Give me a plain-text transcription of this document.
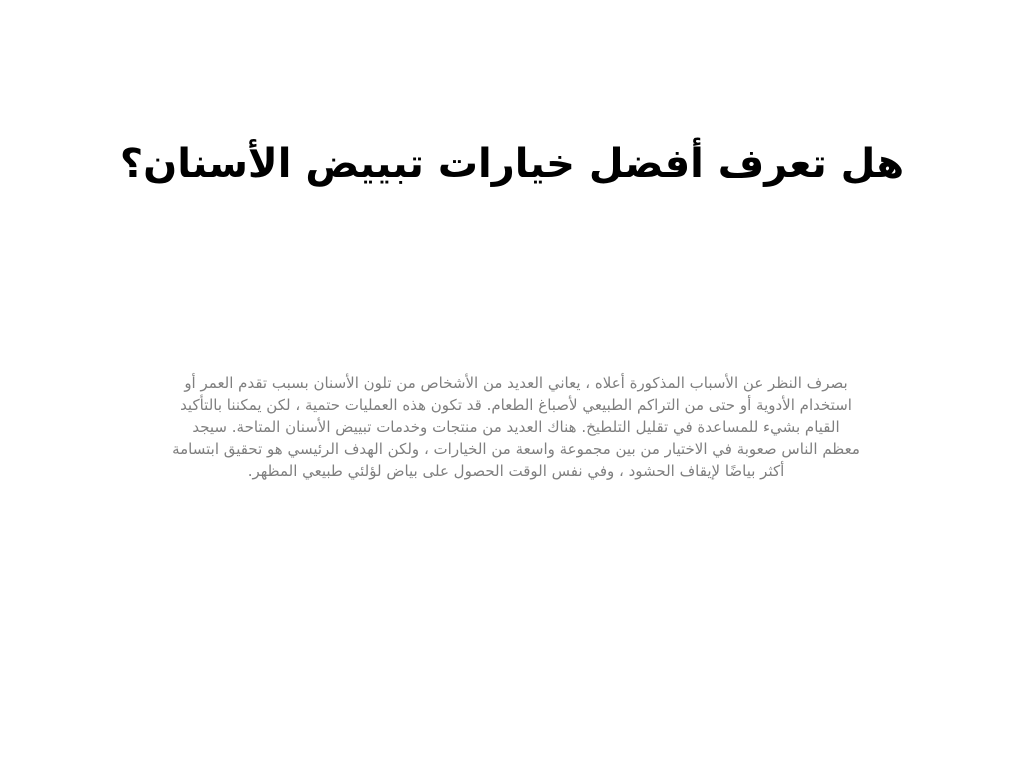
هل تعرف أفضل خيارات تبييض الأسنان؟

بصرف النظر عن الأسباب المذكورة أعلاه ، يعاني العديد من الأشخاص من تلون الأسنان بسبب تقدم العمر أو استخدام الأدوية أو حتى من التراكم الطبيعي لأصباغ الطعام. قد تكون هذه العمليات حتمية ، لكن يمكننا بالتأكيد القيام بشيء للمساعدة في تقليل التلطيخ. هناك العديد من منتجات وخدمات تبييض الأسنان المتاحة. سيجد معظم الناس صعوبة في الاختيار من بين مجموعة واسعة من الخيارات ، ولكن الهدف الرئيسي هو تحقيق ابتسامة أكثر بياضًا لإيقاف الحشود ، وفي نفس الوقت الحصول على بياض لؤلئي طبيعي المظهر.
